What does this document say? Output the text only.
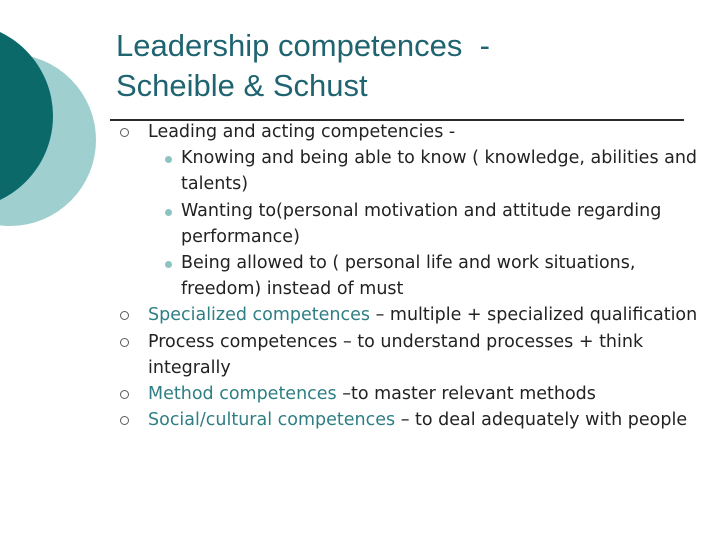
Leadership competences  -
Scheible & Schust
Leading and acting competencies -
Knowing and being able to know ( knowledge, abilities and talents)
Wanting to(personal motivation and attitude regarding performance)
Being allowed to ( personal life and work situations, freedom) instead of must
Specialized competences – multiple + specialized qualification
Process competences – to understand processes + think integrally
Method competences –to master relevant methods
Social/cultural competences – to deal adequately with people
